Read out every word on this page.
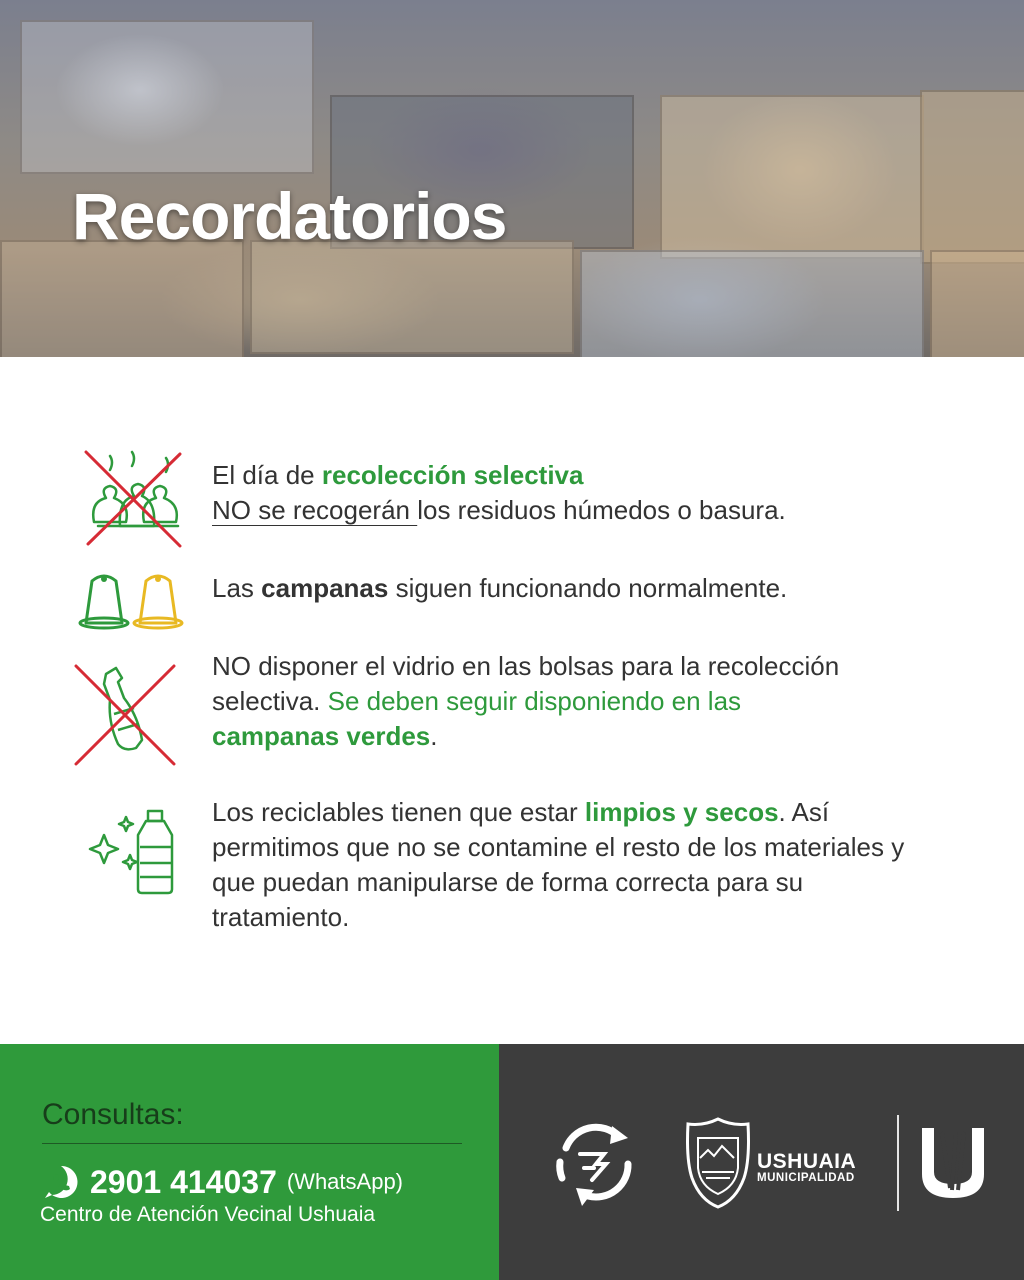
Recordatorios

El día de recolección selectiva
NO se recogerán los residuos húmedos o basura.

Las campanas siguen funcionando normalmente.

NO disponer el vidrio en las bolsas para la recolección selectiva. Se deben seguir disponiendo en las campanas verdes.

Los reciclables tienen que estar limpios y secos. Así permitimos que no se contamine el resto de los materiales y que puedan manipularse de forma correcta para su tratamiento.

Consultas:

2901 414037 (WhatsApp)

Centro de Atención Vecinal Ushuaia

USHUAIA
MUNICIPALIDAD
